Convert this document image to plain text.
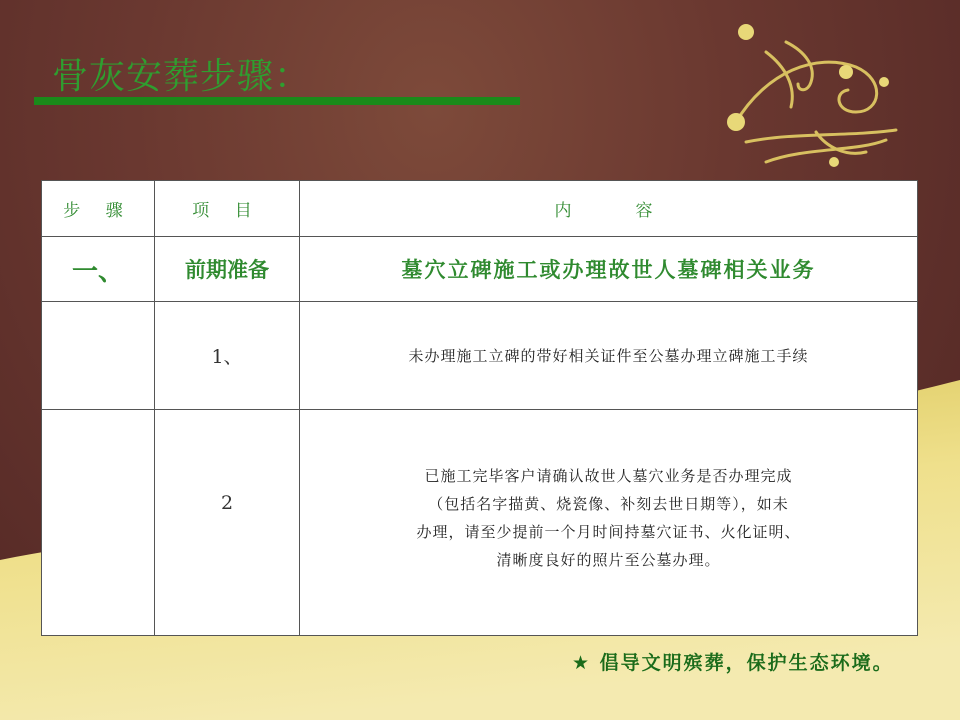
骨灰安葬步骤：
步 骤	项 目	内　　容
一、	前期准备	墓穴立碑施工或办理故世人墓碑相关业务
	1、	未办理施工立碑的带好相关证件至公墓办理立碑施工手续
	2	已施工完毕客户请确认故世人墓穴业务是否办理完成
（包括名字描黄、烧瓷像、补刻去世日期等），如未
办理，请至少提前一个月时间持墓穴证书、火化证明、
清晰度良好的照片至公墓办理。
★ 倡导文明殡葬，保护生态环境。
